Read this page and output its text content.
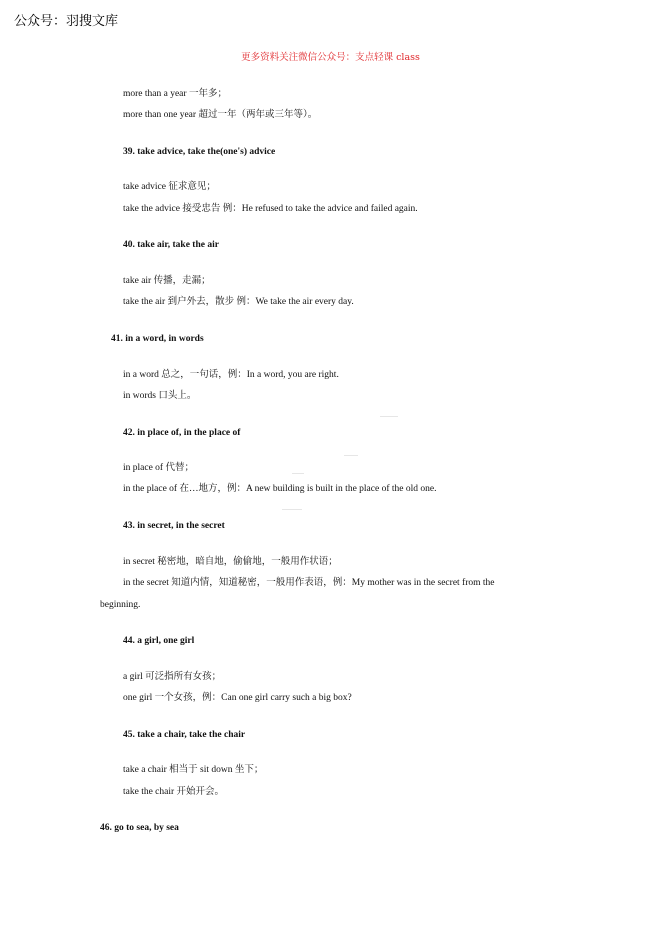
公众号：羽搜文库
更多资料关注微信公众号：支点轻课 class
more than a year 一年多；
more than one year 超过一年（两年或三年等）。
39. take advice, take the(one's) advice
take advice 征求意见；
take the advice 接受忠告 例：He refused to take the advice and failed again.
40. take air, take the air
take air 传播，走漏；
take the air 到户外去，散步 例：We take the air every day.
41. in a word, in words
in a word 总之，一句话，例：In a word, you are right.
in words 口头上。
42. in place of, in the place of
in place of 代替；
in the place of 在…地方，例：A new building is built in the place of the old one.
43. in secret, in the secret
in secret 秘密地，暗自地，偷偷地，一般用作状语；
in the secret 知道内情，知道秘密，一般用作表语，例：My mother was in the secret from the
beginning.
44. a girl, one girl
a girl 可泛指所有女孩；
one girl 一个女孩，例：Can one girl carry such a big box?
45. take a chair, take the chair
take a chair 相当于 sit down 坐下；
take the chair 开始开会。
46. go to sea, by sea
